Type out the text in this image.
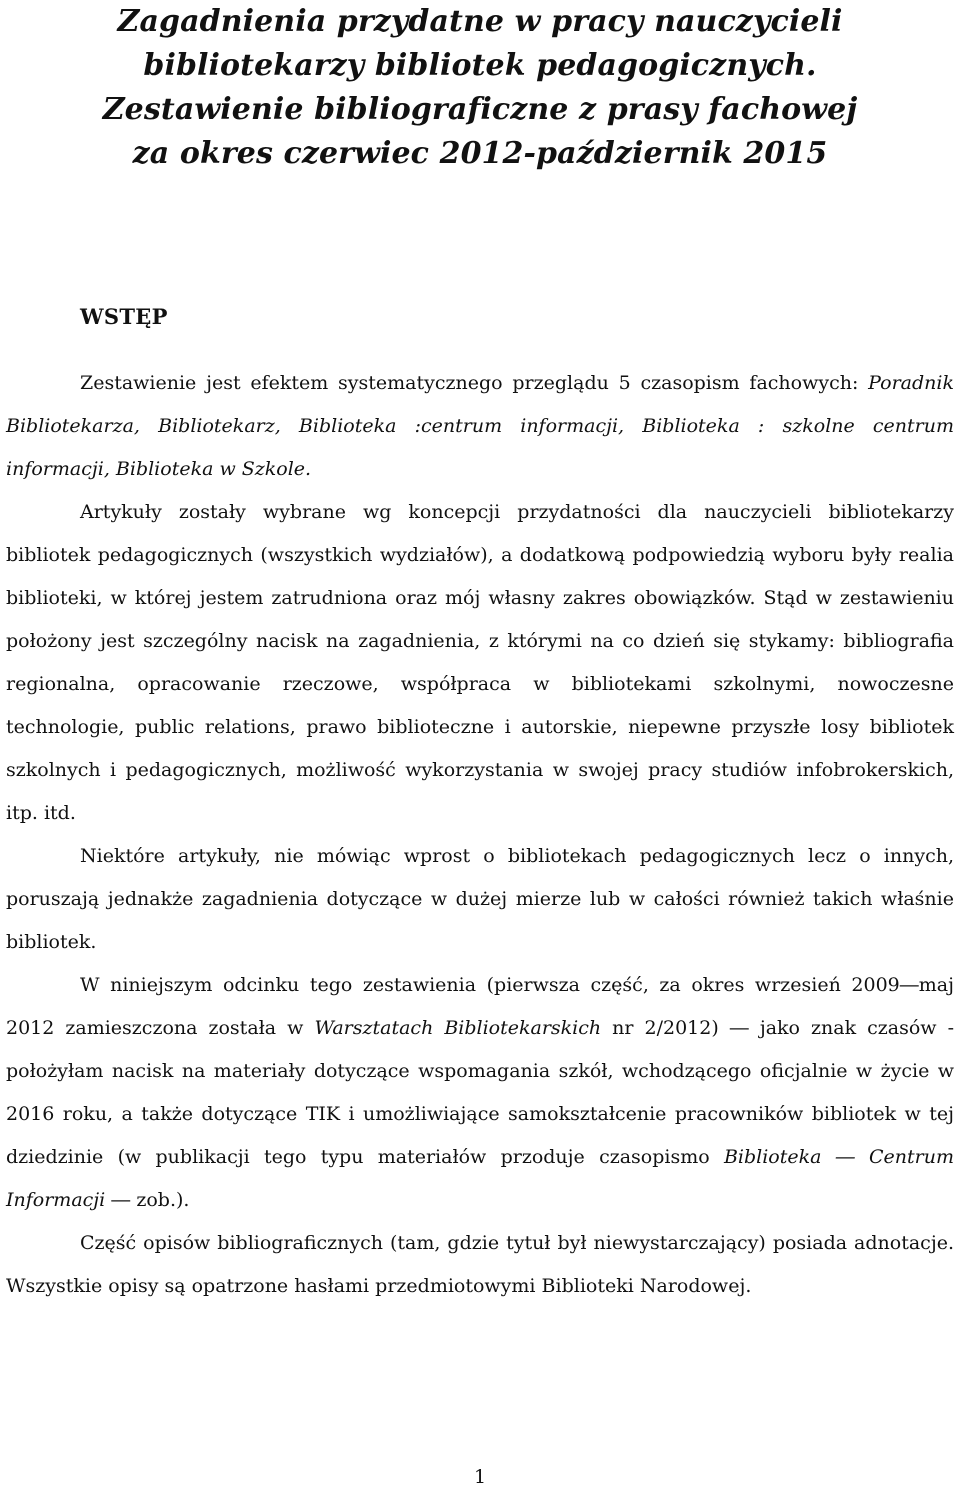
Zagadnienia przydatne w pracy nauczycieli
bibliotekarzy bibliotek pedagogicznych.
Zestawienie bibliograficzne z prasy fachowej
za okres czerwiec 2012-październik 2015
WSTĘP

Zestawienie jest efektem systematycznego przeglądu 5 czasopism fachowych: Poradnik Bibliotekarza, Bibliotekarz, Biblioteka :centrum informacji, Biblioteka : szkolne centrum informacji, Biblioteka w Szkole.

Artykuły zostały wybrane wg koncepcji przydatności dla nauczycieli bibliotekarzy bibliotek pedagogicznych (wszystkich wydziałów), a dodatkową podpowiedzią wyboru były realia biblioteki, w której jestem zatrudniona oraz mój własny zakres obowiązków. Stąd w zestawieniu położony jest szczególny nacisk na zagadnienia, z którymi na co dzień się stykamy: bibliografia regionalna, opracowanie rzeczowe, współpraca w bibliotekami szkolnymi, nowoczesne technologie, public relations, prawo biblioteczne i autorskie, niepewne przyszłe losy bibliotek szkolnych i pedagogicznych, możliwość wykorzystania w swojej pracy studiów infobrokerskich, itp. itd.

Niektóre artykuły, nie mówiąc wprost o bibliotekach pedagogicznych lecz o innych, poruszają jednakże zagadnienia dotyczące w dużej mierze lub w całości również takich właśnie bibliotek.

W niniejszym odcinku tego zestawienia (pierwsza część, za okres wrzesień 2009―maj 2012 zamieszczona została w Warsztatach Bibliotekarskich nr 2/2012) ― jako znak czasów - położyłam nacisk na materiały dotyczące wspomagania szkół, wchodzącego oficjalnie w życie w 2016 roku, a także dotyczące TIK i umożliwiające samokształcenie pracowników bibliotek w tej dziedzinie (w publikacji tego typu materiałów przoduje czasopismo Biblioteka ― Centrum Informacji ― zob.).

Część opisów bibliograficznych (tam, gdzie tytuł był niewystarczający) posiada adnotacje. Wszystkie opisy są opatrzone hasłami przedmiotowymi Biblioteki Narodowej.

1
